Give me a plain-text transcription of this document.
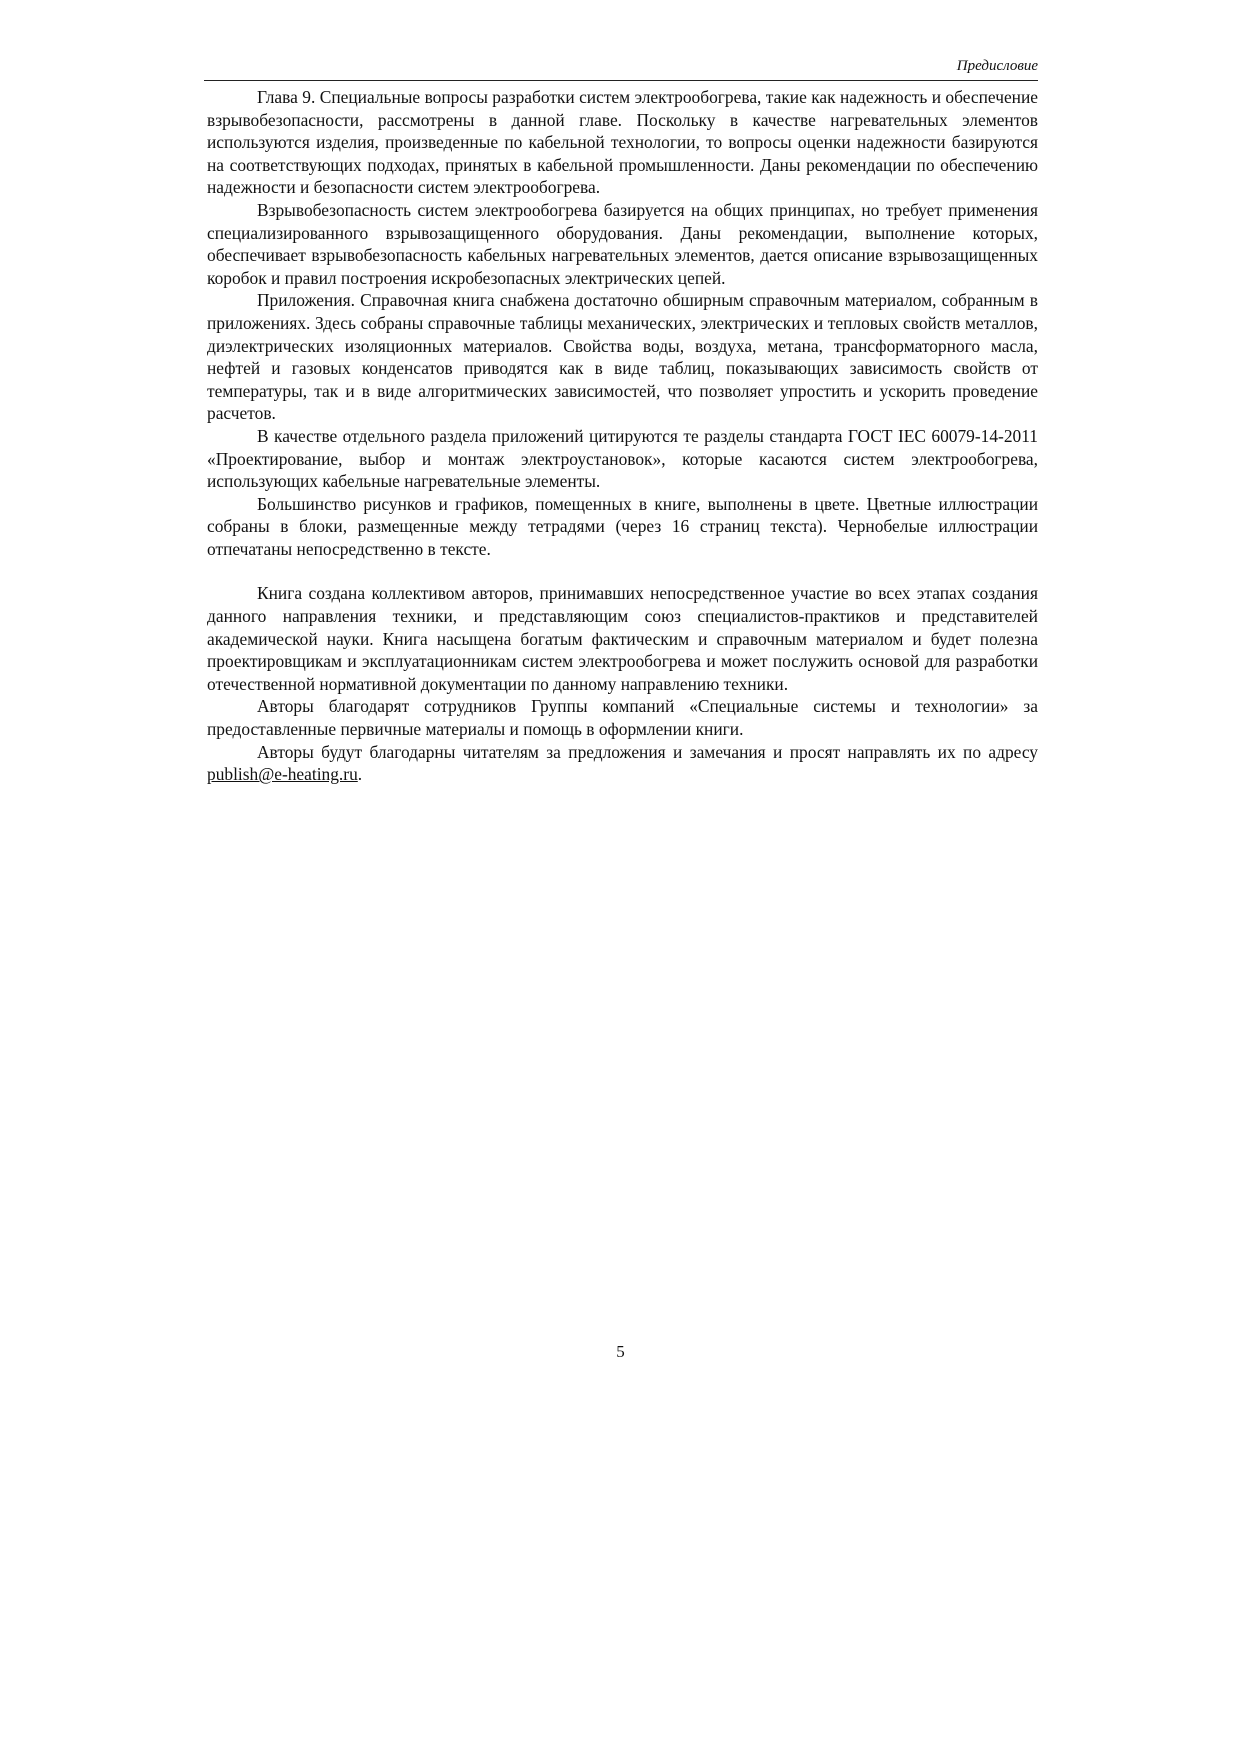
Предисловие

Глава 9. Специальные вопросы разработки систем электрообогрева, такие как надежность и обеспечение взрывобезопасности, рассмотрены в данной главе. Поскольку в качестве нагревательных элементов используются изделия, произведенные по кабельной технологии, то вопросы оценки надежности базируются на соответствующих подходах, принятых в кабельной промышленности. Даны рекомендации по обеспечению надежности и безопасности систем электрообогрева.

Взрывобезопасность систем электрообогрева базируется на общих принципах, но требует применения специализированного взрывозащищенного оборудования. Даны рекомендации, выполнение которых, обеспечивает взрывобезопасность кабельных нагревательных элементов, дается описание взрывозащищенных коробок и правил построения искробезопасных электрических цепей.

Приложения. Справочная книга снабжена достаточно обширным справочным материалом, собранным в приложениях. Здесь собраны справочные таблицы механических, электрических и тепловых свойств металлов, диэлектрических изоляционных материалов. Свойства воды, воздуха, метана, трансформаторного масла, нефтей и газовых конденсатов приводятся как в виде таблиц, показывающих зависимость свойств от температуры, так и в виде алгоритмических зависимостей, что позволяет упростить и ускорить проведение расчетов.

В качестве отдельного раздела приложений цитируются те разделы стандарта ГОСТ IEC 60079-14-2011 «Проектирование, выбор и монтаж электроустановок», которые касаются систем электрообогрева, использующих кабельные нагревательные элементы.

Большинство рисунков и графиков, помещенных в книге, выполнены в цвете. Цветные иллюстрации собраны в блоки, размещенные между тетрадями (через 16 страниц текста). Чернобелые иллюстрации отпечатаны непосредственно в тексте.

Книга создана коллективом авторов, принимавших непосредственное участие во всех этапах создания данного направления техники, и представляющим союз специалистов-практиков и представителей академической науки. Книга насыщена богатым фактическим и справочным материалом и будет полезна проектировщикам и эксплуатационникам систем электрообогрева и может послужить основой для разработки отечественной нормативной документации по данному направлению техники.

Авторы благодарят сотрудников Группы компаний «Специальные системы и технологии» за предоставленные первичные материалы и помощь в оформлении книги.

Авторы будут благодарны читателям за предложения и замечания и просят направлять их по адресу publish@e-heating.ru.

5
